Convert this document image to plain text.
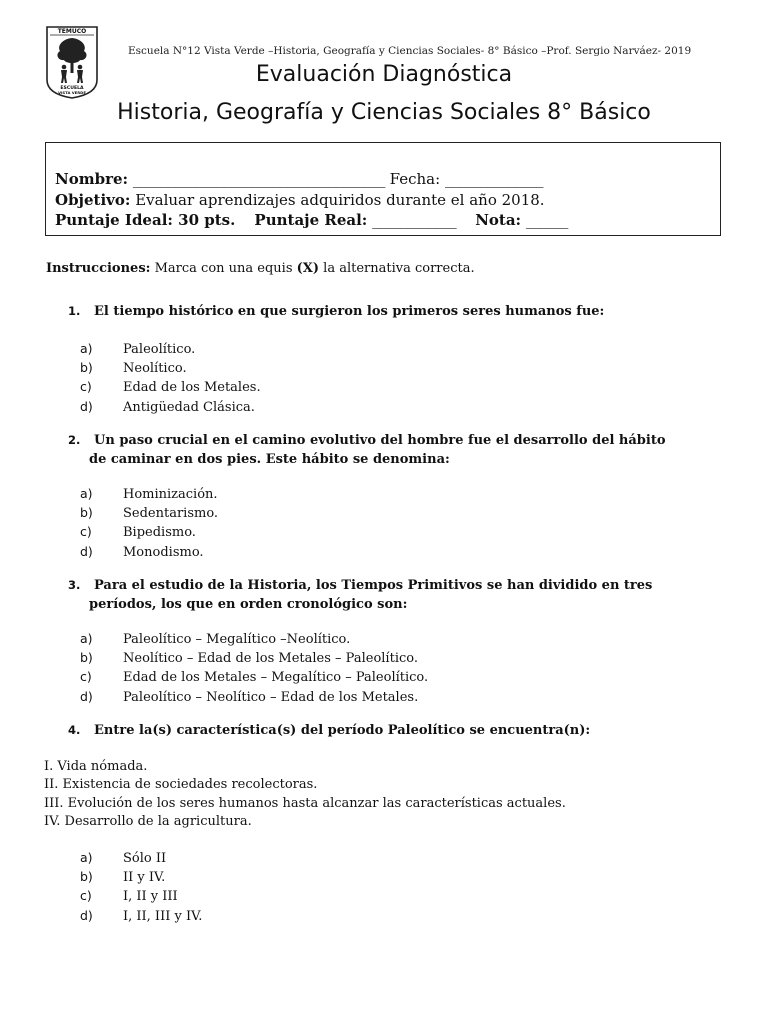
TEMUCO
ESCUELA
VISTA VERDE
Escuela N°12 Vista Verde –Historia, Geografía y Ciencias Sociales- 8° Básico –Prof. Sergio Narváez- 2019
Evaluación Diagnóstica
Historia, Geografía y Ciencias Sociales 8° Básico
Nombre: ____________________________________ Fecha: ______________
Objetivo: Evaluar aprendizajes adquiridos durante el año 2018.
Puntaje Ideal: 30 pts. Puntaje Real: ____________ Nota: ______
Instrucciones: Marca con una equis (X) la alternativa correcta.
1. El tiempo histórico en que surgieron los primeros seres humanos fue:
a) Paleolítico.
b) Neolítico.
c) Edad de los Metales.
d) Antigüedad Clásica.
2. Un paso crucial en el camino evolutivo del hombre fue el desarrollo del hábito
de caminar en dos pies. Este hábito se denomina:
a) Hominización.
b) Sedentarismo.
c) Bipedismo.
d) Monodismo.
3. Para el estudio de la Historia, los Tiempos Primitivos se han dividido en tres
períodos, los que en orden cronológico son:
a) Paleolítico – Megalítico –Neolítico.
b) Neolítico – Edad de los Metales – Paleolítico.
c) Edad de los Metales – Megalítico – Paleolítico.
d) Paleolítico – Neolítico – Edad de los Metales.
4. Entre la(s) característica(s) del período Paleolítico se encuentra(n):
I. Vida nómada.
II. Existencia de sociedades recolectoras.
III. Evolución de los seres humanos hasta alcanzar las características actuales.
IV. Desarrollo de la agricultura.
a) Sólo II
b) II y IV.
c) I, II y III
d) I, II, III y IV.
